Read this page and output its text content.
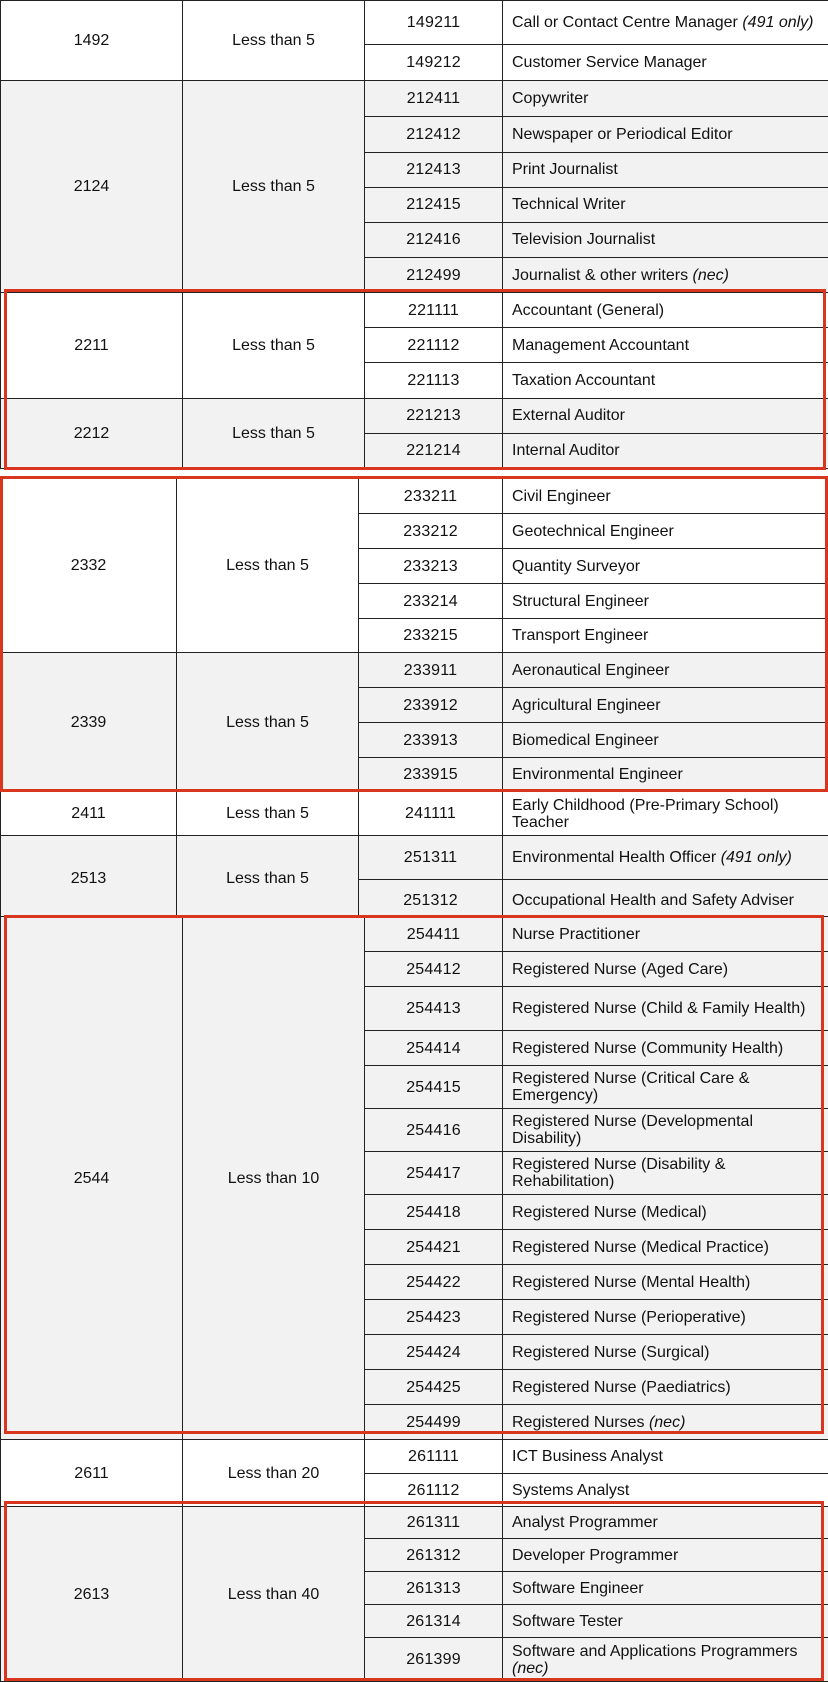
1492	Less than 5	149211	Call or Contact Centre Manager (491 only)
		149212	Customer Service Manager
2124	Less than 5	212411	Copywriter
		212412	Newspaper or Periodical Editor
		212413	Print Journalist
		212415	Technical Writer
		212416	Television Journalist
		212499	Journalist & other writers (nec)
2211	Less than 5	221111	Accountant (General)
		221112	Management Accountant
		221113	Taxation Accountant
2212	Less than 5	221213	External Auditor
		221214	Internal Auditor
2332	Less than 5	233211	Civil Engineer
		233212	Geotechnical Engineer
		233213	Quantity Surveyor
		233214	Structural Engineer
		233215	Transport Engineer
2339	Less than 5	233911	Aeronautical Engineer
		233912	Agricultural Engineer
		233913	Biomedical Engineer
		233915	Environmental Engineer
2411	Less than 5	241111	Early Childhood (Pre-Primary School) Teacher
2513	Less than 5	251311	Environmental Health Officer (491 only)
		251312	Occupational Health and Safety Adviser
2544	Less than 10	254411	Nurse Practitioner
		254412	Registered Nurse (Aged Care)
		254413	Registered Nurse (Child & Family Health)
		254414	Registered Nurse (Community Health)
		254415	Registered Nurse (Critical Care & Emergency)
		254416	Registered Nurse (Developmental Disability)
		254417	Registered Nurse (Disability & Rehabilitation)
		254418	Registered Nurse (Medical)
		254421	Registered Nurse (Medical Practice)
		254422	Registered Nurse (Mental Health)
		254423	Registered Nurse (Perioperative)
		254424	Registered Nurse (Surgical)
		254425	Registered Nurse (Paediatrics)
		254499	Registered Nurses (nec)
2611	Less than 20	261111	ICT Business Analyst
		261112	Systems Analyst
2613	Less than 40	261311	Analyst Programmer
		261312	Developer Programmer
		261313	Software Engineer
		261314	Software Tester
		261399	Software and Applications Programmers (nec)
